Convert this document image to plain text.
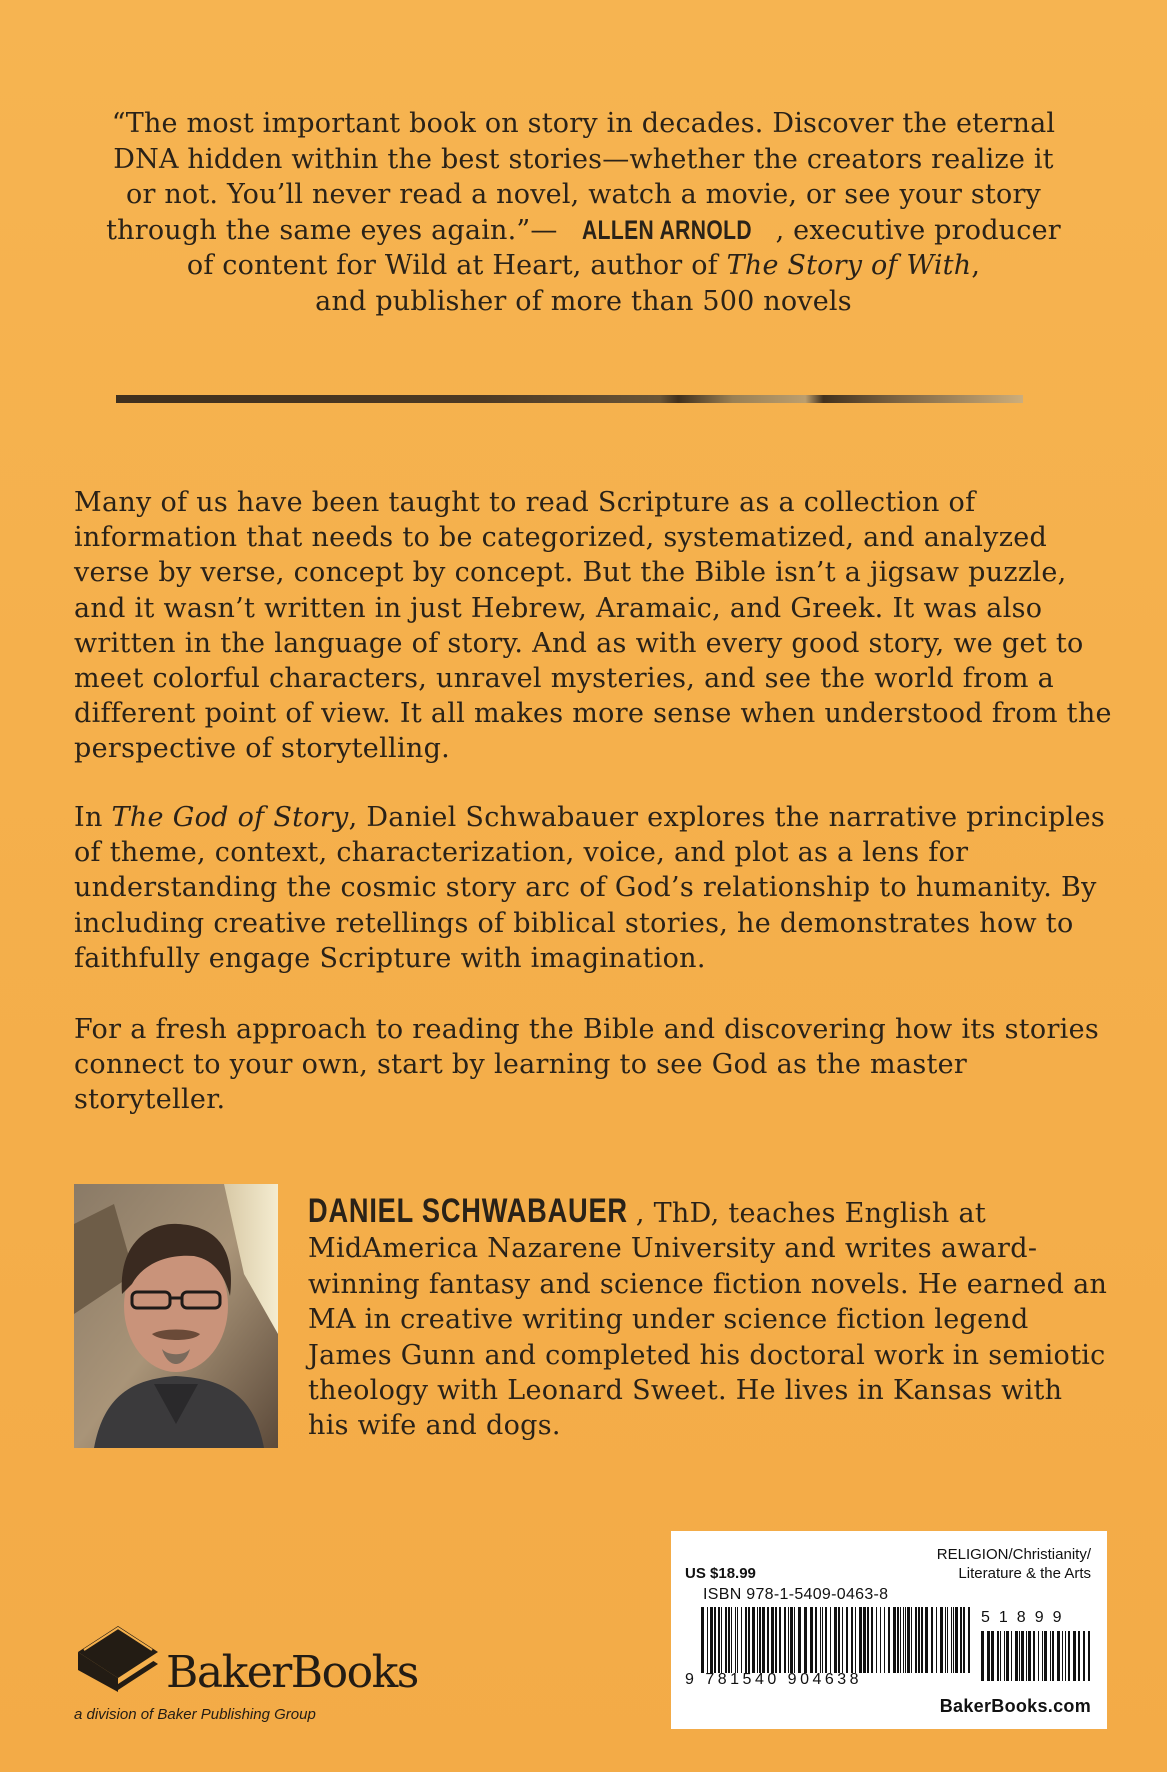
“The most important book on story in decades. Discover the eternal
DNA hidden within the best stories—whether the creators realize it
or not. You’ll never read a novel, watch a movie, or see your story
through the same eyes again.”— ALLEN ARNOLD , executive producer
of content for Wild at Heart, author of The Story of With,
and publisher of more than 500 novels

Many of us have been taught to read Scripture as a collection of information that needs to be categorized, systematized, and analyzed verse by verse, concept by concept. But the Bible isn’t a jigsaw puzzle, and it wasn’t written in just Hebrew, Aramaic, and Greek. It was also written in the language of story. And as with every good story, we get to meet colorful characters, unravel mysteries, and see the world from a different point of view. It all makes more sense when understood from the perspective of storytelling.

In The God of Story, Daniel Schwabauer explores the narrative principles of theme, context, characterization, voice, and plot as a lens for understanding the cosmic story arc of God’s relationship to humanity. By including creative retellings of biblical stories, he demonstrates how to faithfully engage Scripture with imagination.

For a fresh approach to reading the Bible and discovering how its stories connect to your own, start by learning to see God as the master storyteller.

DANIEL SCHWABAUER , ThD, teaches English at MidAmerica Nazarene University and writes award-winning fantasy and science fiction novels. He earned an MA in creative writing under science fiction legend James Gunn and completed his doctoral work in semiotic theology with Leonard Sweet. He lives in Kansas with his wife and dogs.

US $18.99
RELIGION/Christianity/
Literature & the Arts
ISBN 978-1-5409-0463-8
51899
9 781540 904638
BakerBooks.com
BakerBooks
a division of Baker Publishing Group
